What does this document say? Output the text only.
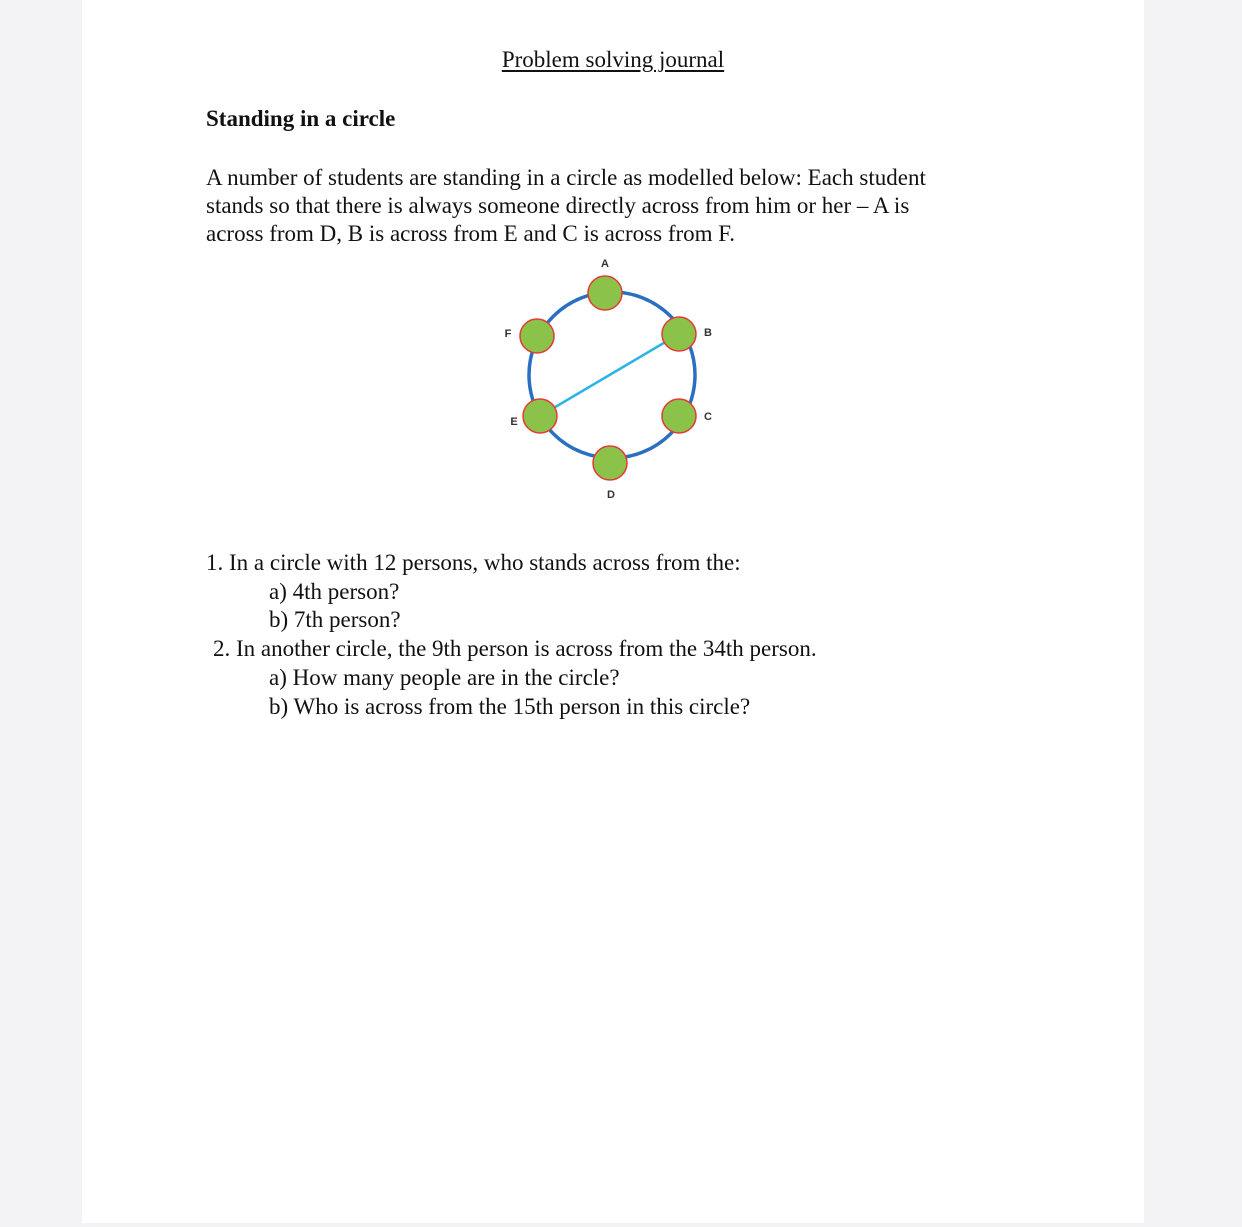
Problem solving journal
Standing in a circle

A number of students are standing in a circle as modelled below: Each student
stands so that there is always someone directly across from him or her – A is
across from D, B is across from E and C is across from F.

A
B
C
D
E
F

1. In a circle with 12 persons, who stands across from the:

a) 4th person?

b) 7th person?

2. In another circle, the 9th person is across from the 34th person.

a) How many people are in the circle?

b) Who is across from the 15th person in this circle?
